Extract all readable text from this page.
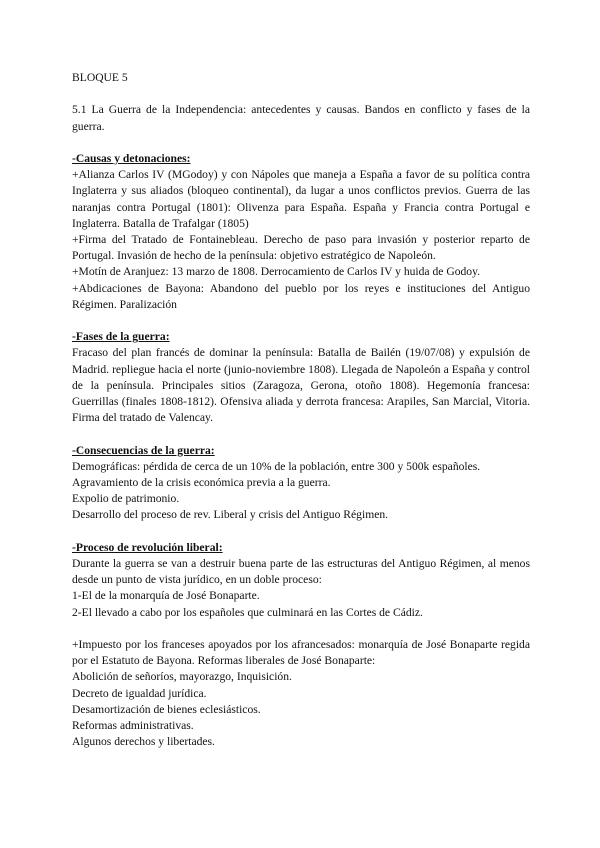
BLOQUE 5

5.1 La Guerra de la Independencia: antecedentes y causas. Bandos en conflicto y fases de la guerra.

-Causas y detonaciones:

+Alianza Carlos IV (MGodoy) y con Nápoles que maneja a España a favor de su política contra Inglaterra y sus aliados (bloqueo continental), da lugar a unos conflictos previos. Guerra de las naranjas contra Portugal (1801): Olivenza para España. España y Francia contra Portugal e Inglaterra. Batalla de Trafalgar (1805)

+Firma del Tratado de Fontainebleau. Derecho de paso para invasión y posterior reparto de Portugal. Invasión de hecho de la península: objetivo estratégico de Napoleón.

+Motín de Aranjuez: 13 marzo de 1808. Derrocamiento de Carlos IV y huida de Godoy.

+Abdicaciones de Bayona: Abandono del pueblo por los reyes e instituciones del Antiguo Régimen. Paralización

-Fases de la guerra:

Fracaso del plan francés de dominar la península: Batalla de Bailén (19/07/08) y expulsión de Madrid. repliegue hacia el norte (junio-noviembre 1808). Llegada de Napoleón a España y control de la península. Principales sitios (Zaragoza, Gerona, otoño 1808). Hegemonía francesa: Guerrillas (finales 1808-1812). Ofensiva aliada y derrota francesa: Arapiles, San Marcial, Vitoria. Firma del tratado de Valencay.

-Consecuencias de la guerra:

Demográficas: pérdida de cerca de un 10% de la población, entre 300 y 500k españoles.

Agravamiento de la crisis económica previa a la guerra.

Expolio de patrimonio.

Desarrollo del proceso de rev. Liberal y crisis del Antiguo Régimen.

-Proceso de revolución liberal:

Durante la guerra se van a destruir buena parte de las estructuras del Antiguo Régimen, al menos desde un punto de vista jurídico, en un doble proceso:

1-El de la monarquía de José Bonaparte.

2-El llevado a cabo por los españoles que culminará en las Cortes de Cádiz.

+Impuesto por los franceses apoyados por los afrancesados: monarquía de José Bonaparte regida por el Estatuto de Bayona. Reformas liberales de José Bonaparte:

Abolición de señoríos, mayorazgo, Inquisición.

Decreto de igualdad jurídica.

Desamortización de bienes eclesiásticos.

Reformas administrativas.

Algunos derechos y libertades.
